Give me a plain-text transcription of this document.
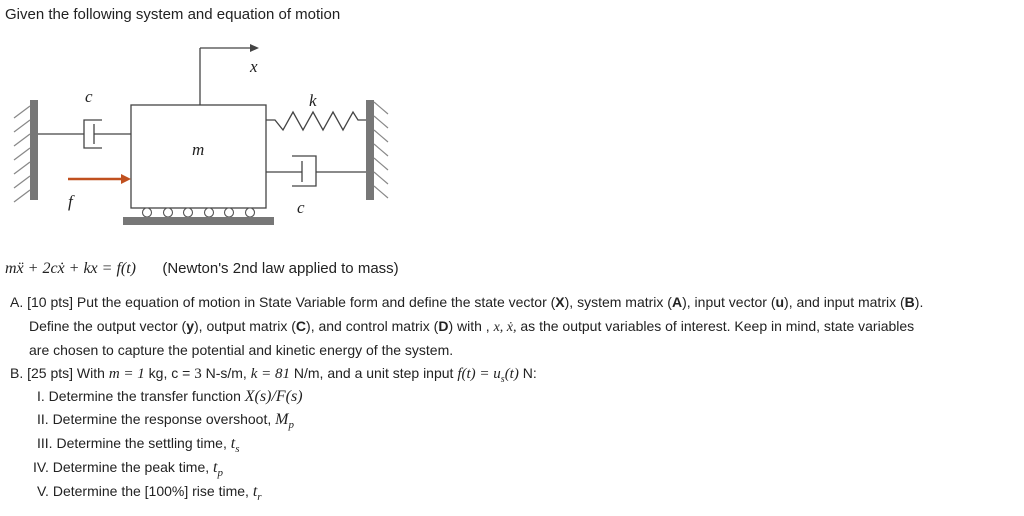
Given the following system and equation of motion
x
c	k
m
f	c
mẍ + 2cẋ + kx = f(t) (Newton's 2nd law applied to mass)
A. [10 pts] Put the equation of motion in State Variable form and define the state vector (X), system matrix (A), input vector (u), and input matrix (B).
Define the output vector (y), output matrix (C), and control matrix (D) with , x, ẋ, as the output variables of interest. Keep in mind, state variables
are chosen to capture the potential and kinetic energy of the system.
B. [25 pts] With m = 1 kg, c = 3 N-s/m, k = 81 N/m, and a unit step input $f(t) = u_s(t)$ N:
I. Determine the transfer function X(s)/F(s)
II. Determine the response overshoot, $M_p$
III. Determine the settling time, $t_s$
IV. Determine the peak time, $t_p$
V. Determine the [100%] rise time, $t_r$
